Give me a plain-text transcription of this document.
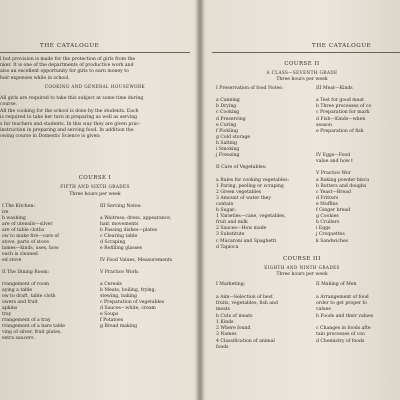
THE CATALOGUE
l but provision is made for the protection of girls from the
nker. It is one of the departments of productive work and
also an excellent opportunity for girls to earn money to
heir expenses while in school.
COOKING AND GENERAL HOUSEWORK
All girls are required to take this subject at some time during
course.
All the cooking for the school is done by the students. Each
is required to take her turn in preparing as well as serving
s for teachers and students. In this way they are given prac-
instruction in preparing and serving food. In addition the
owing course in Domestic Science is given:
COURSE I
FIFTH AND SIXTH GRADES
Three hours per week
I The Kitchen:
ire
h washing
are of utensils—silver
are of table cloths
ow to make fire—care of
stove, parts of stove
lames—kinds, uses, how
each is cleaned
ed stove
II The Dining Room:
rrangement of room
aying a table
ow to draft, table cloth
owers and fruit
apkins
tray
rrangement of a tray
rrangement of a bare table
ving of silver, fruit plates,
extra saucers.
III Serving Notes:
a Waitress; dress, appearance,
hair, movements
b Passing dishes—plates
c Clearing table
d Scraping
e Refilling glasses
IV Food Values, Measurements
V Practice Work:
a Cereals
b Meats; boiling, frying,
stewing, baking
c Preparation of vegetables
d Sauces—white, cream
e Soups
f Potatoes
g Bread making
THE CATALOGUE
COURSE II
A CLASS—SEVENTH GRADE
Three hours per week
I Preservation of food Notes:
a Canning
b Drying
c Cooking
d Preserving
e Curing
f Pickling
g Cold storage
h Salting
i Smoking
j Freezing
II Care of Vegetables:
a Rules for cooking vegetables:
1 Paring, peeling or scraping
2 Green vegetables
3 Amount of water they
contain
b Sugar:
1 Varieties—cane, vegetables,
fruit and milk
2 Sauces—How made
3 Substitute
c Macaroni and Spaghetti
d Tapioca
III Meat—Kinds
a Test for good meat
b Three processes of co
c Preparation for mark
d Fish—Kinds—when
season
e Preparation of fish
IV Eggs—Food
value and how t
V Practice Wor
a Baking powder biscu
b Butters and doughs
c Yeast—Bread
d Fritters
e Muffins
f Ginger bread
g Cookies
h Crullers
i Eggs
j Croquettes
k Sandwiches
COURSE III
EIGHTH AND NINTH GRADES
Three hours per week
I Marketing:
a Aim—Selection of best
fruits, vegetables, fish and
meats
b Cuts of meats
1 Kinds
2 Where found
3 Names
4 Classification of animal
foods
II Making of Men
a Arrangement of food
order to get proper fo
values
b Foods and their values
c Changes in foods afte
tain processes of coo
d Chemistry of foods
